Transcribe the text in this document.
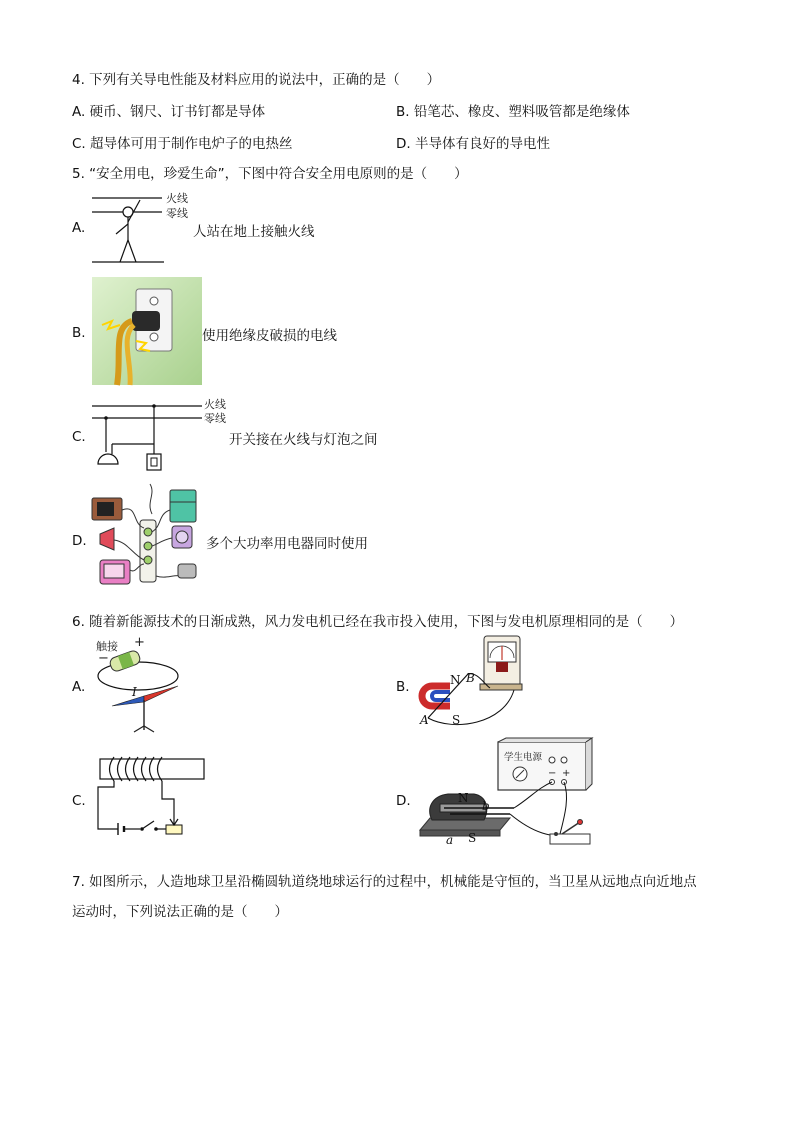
4. 下列有关导电性能及材料应用的说法中，正确的是（　　）
A. 硬币、钢尺、订书钉都是导体	B. 铅笔芯、橡皮、塑料吸管都是绝缘体
C. 超导体可用于制作电炉子的电热丝	D. 半导体有良好的导电性
5. “安全用电，珍爱生命”，下图中符合安全用电原则的是（　　）
A.
火线
零线
人站在地上接触火线
B.	使用绝缘皮破损的电线
C.
火线
零线
开关接在火线与灯泡之间
D.	多个大功率用电器同时使用
6. 随着新能源技术的日渐成熟，风力发电机已经在我市投入使用，下图与发电机原理相同的是（　　）
A.
触接 +
−
I	B.	N B
A S
C.	D.
学生电源
− +
N
b
a S
7. 如图所示，人造地球卫星沿椭圆轨道绕地球运行的过程中，机械能是守恒的，当卫星从远地点向近地点
运动时，下列说法正确的是（　　）
